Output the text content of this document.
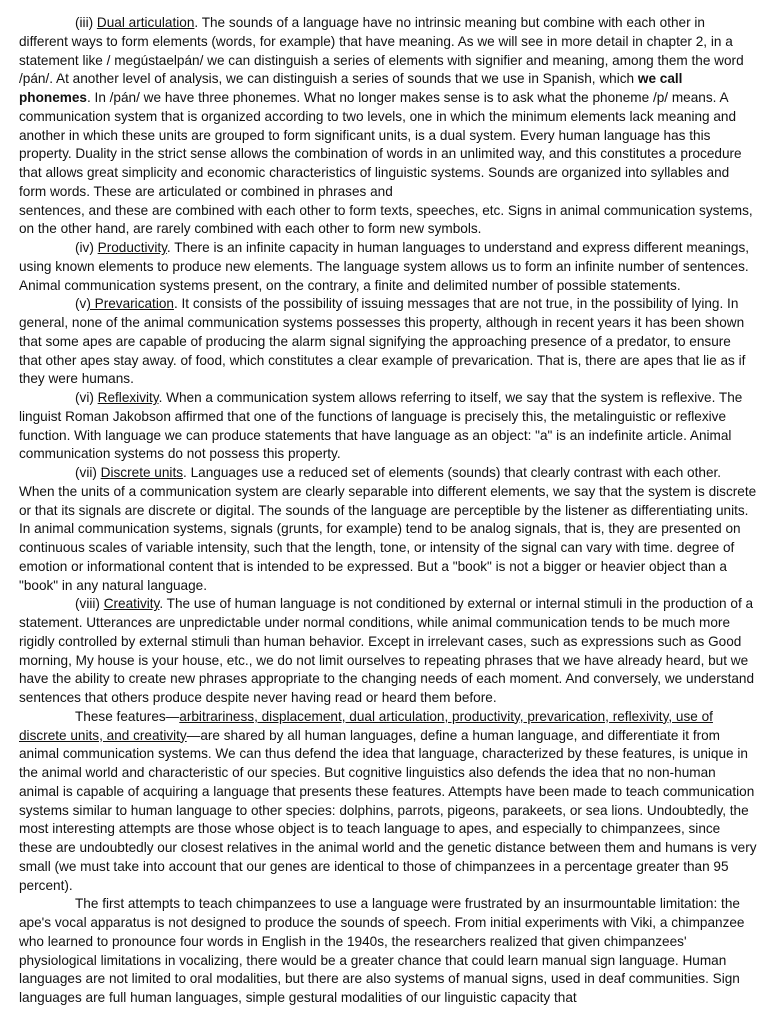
(iii) Dual articulation. The sounds of a language have no intrinsic meaning but combine with each other in different ways to form elements (words, for example) that have meaning. As we will see in more detail in chapter 2, in a statement like / megústaelpán/ we can distinguish a series of elements with signifier and meaning, among them the word /pán/. At another level of analysis, we can distinguish a series of sounds that we use in Spanish, which we call phonemes. In /pán/ we have three phonemes. What no longer makes sense is to ask what the phoneme /p/ means. A communication system that is organized according to two levels, one in which the minimum elements lack meaning and another in which these units are grouped to form significant units, is a dual system. Every human language has this property. Duality in the strict sense allows the combination of words in an unlimited way, and this constitutes a procedure that allows great simplicity and economic characteristics of linguistic systems. Sounds are organized into syllables and form words. These are articulated or combined in phrases and

sentences, and these are combined with each other to form texts, speeches, etc. Signs in animal communication systems, on the other hand, are rarely combined with each other to form new symbols.

(iv) Productivity. There is an infinite capacity in human languages to understand and express different meanings, using known elements to produce new elements. The language system allows us to form an infinite number of sentences. Animal communication systems present, on the contrary, a finite and delimited number of possible statements.

(v) Prevarication. It consists of the possibility of issuing messages that are not true, in the possibility of lying. In general, none of the animal communication systems possesses this property, although in recent years it has been shown that some apes are capable of producing the alarm signal signifying the approaching presence of a predator, to ensure that other apes stay away. of food, which constitutes a clear example of prevarication. That is, there are apes that lie as if they were humans.

(vi) Reflexivity. When a communication system allows referring to itself, we say that the system is reflexive. The linguist Roman Jakobson affirmed that one of the functions of language is precisely this, the metalinguistic or reflexive function. With language we can produce statements that have language as an object: "a" is an indefinite article. Animal communication systems do not possess this property.

(vii) Discrete units. Languages use a reduced set of elements (sounds) that clearly contrast with each other. When the units of a communication system are clearly separable into different elements, we say that the system is discrete or that its signals are discrete or digital. The sounds of the language are perceptible by the listener as differentiating units. In animal communication systems, signals (grunts, for example) tend to be analog signals, that is, they are presented on continuous scales of variable intensity, such that the length, tone, or intensity of the signal can vary with time. degree of emotion or informational content that is intended to be expressed. But a "book" is not a bigger or heavier object than a "book" in any natural language.

(viii) Creativity. The use of human language is not conditioned by external or internal stimuli in the production of a statement. Utterances are unpredictable under normal conditions, while animal communication tends to be much more rigidly controlled by external stimuli than human behavior. Except in irrelevant cases, such as expressions such as Good morning, My house is your house, etc., we do not limit ourselves to repeating phrases that we have already heard, but we have the ability to create new phrases appropriate to the changing needs of each moment. And conversely, we understand sentences that others produce despite never having read or heard them before.

These features—arbitrariness, displacement, dual articulation, productivity, prevarication, reflexivity, use of discrete units, and creativity—are shared by all human languages, define a human language, and differentiate it from animal communication systems. We can thus defend the idea that language, characterized by these features, is unique in the animal world and characteristic of our species. But cognitive linguistics also defends the idea that no non-human animal is capable of acquiring a language that presents these features. Attempts have been made to teach communication systems similar to human language to other species: dolphins, parrots, pigeons, parakeets, or sea lions. Undoubtedly, the most interesting attempts are those whose object is to teach language to apes, and especially to chimpanzees, since these are undoubtedly our closest relatives in the animal world and the genetic distance between them and humans is very small (we must take into account that our genes are identical to those of chimpanzees in a percentage greater than 95 percent).

The first attempts to teach chimpanzees to use a language were frustrated by an insurmountable limitation: the ape's vocal apparatus is not designed to produce the sounds of speech. From initial experiments with Viki, a chimpanzee who learned to pronounce four words in English in the 1940s, the researchers realized that given chimpanzees' physiological limitations in vocalizing, there would be a greater chance that could learn manual sign language. Human languages are not limited to oral modalities, but there are also systems of manual signs, used in deaf communities. Sign languages are full human languages, simple gestural modalities of our linguistic capacity that
